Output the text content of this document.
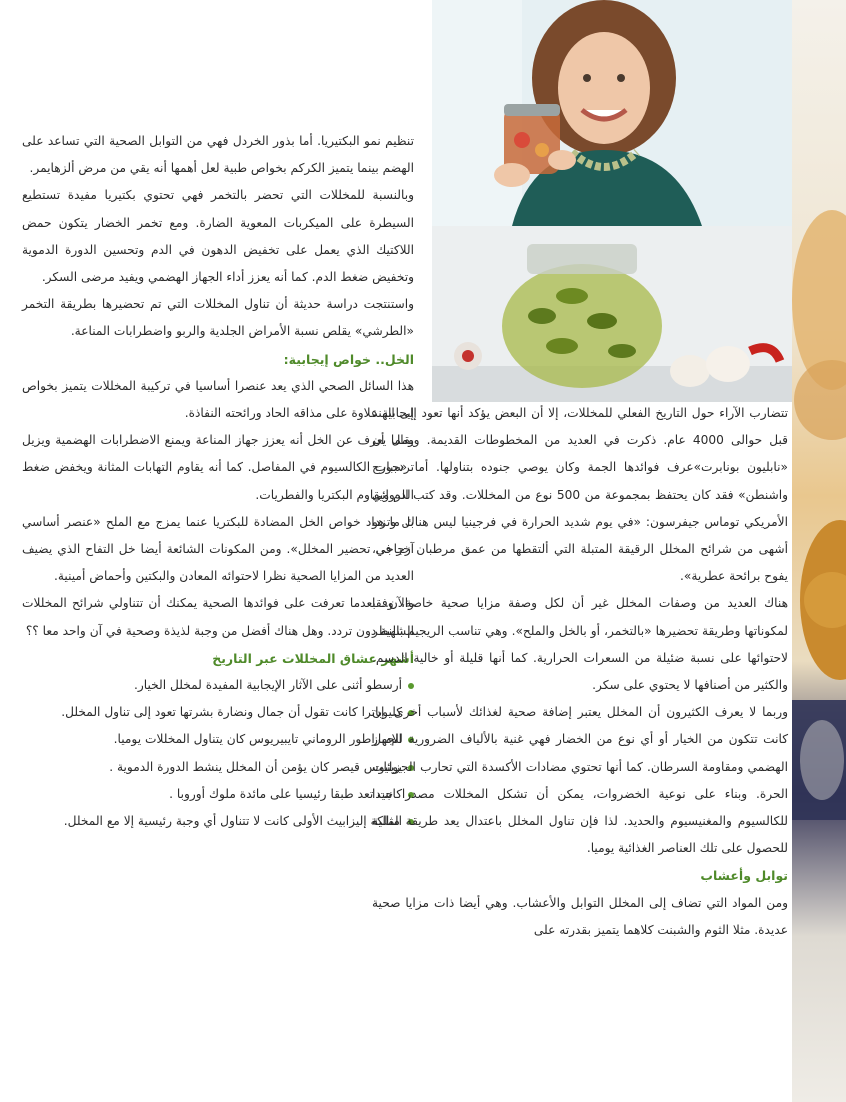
تنظيم نمو البكتيريا. أما بذور الخردل فهي من التوابل الصحية التي تساعد على الهضم بينما يتميز الكركم بخواص طبية لعل أهمها أنه يقي من مرض ألزهايمر.

وبالنسبة للمخللات التي تحضر بالتخمر فهي تحتوي بكتيريا مفيدة تستطيع السيطرة على الميكربات المعوية الضارة. ومع تخمر الخضار يتكون حمض اللاكتيك الذي يعمل على تخفيض الدهون في الدم وتحسين الدورة الدموية وتخفيض ضغط الدم. كما أنه يعزز أداء الجهاز الهضمي ويفيد مرضى السكر.

واستنتجت دراسة حديثة أن تناول المخللات التي تم تحضيرها بطريقة التخمر «الطرشي» يقلص نسبة الأمراض الجلدية والربو واضطرابات المناعة.

الخل.. خواص إيجابية:

هذا السائل الصحي الذي يعد عنصرا أساسيا في تركيبة المخللات يتميز بخواص إيجابية علاوة على مذاقه الحاد ورائحته النفاذة.

ومما يعرف عن الخل أنه يعزز جهاز المناعة ويمنع الاضطرابات الهضمية ويزيل ترسبات الكالسيوم في المفاصل. كما أنه يقاوم التهابات المثانة ويخفض ضغط الدم ويقاوم البكتريا والفطريات.

بل وتزداد خواص الخل المضادة للبكتريا عنما يمزج مع الملح «عنصر أساسي آخر في تحضير المخلل». ومن المكونات الشائعة أيضا خل التفاح الذي يضيف العديد من المزايا الصحية نظرا لاحتوائه المعادن والبكتين وأحماض أمينية.

والآن.. بعدما تعرفت على فوائدها الصحية يمكنك أن تتناولي شرائح المخللات الشهية دون تردد. وهل هناك أفضل من وجبة لذيذة وصحية في آن واحد معا ؟؟

أشهر عشاق المخللات عبر التاريخ

أرسطو أثنى على الآثار الإيجابية المفيدة لمخلل الخيار.
كليوباترا كانت تقول أن جمال ونضارة بشرتها تعود إلى تناول المخلل.
الإمبراطور الروماني تايبيريوس كان يتناول المخللات يوميا.
يوليوس قيصر كان يؤمن أن المخلل ينشط الدورة الدموية .
كانت تعد طبقا رئيسيا على مائدة ملوك أوروبا .
الملكة إليزابيث الأولى كانت لا تتناول أي وجبة رئيسية إلا مع المخلل.

تتضارب الآراء حول التاريخ الفعلي للمخللات، إلا أن البعض يؤكد أنها تعود إلى الهند قبل حوالى 4000 عام. ذكرت في العديد من المخطوطات القديمة. ويقال أن «نابليون بونابرت»عرف فوائدها الجمة وكان يوصي جنوده بتناولها. أما «جورج واشنطن» فقد كان يحتفظ بمجموعة من 500 نوع من المخللات. وقد كتب الروائي الأمريكي توماس جيفرسون: «في يوم شديد الحرارة في فرجينيا ليس هناك ما هو أشهى من شرائح المخلل الرقيقة المتبلة التي ألتقطها من عمق مرطبان زجاجي، يفوح برائحة عطرية».

هناك العديد من وصفات المخلل غير أن لكل وصفة مزايا صحية خاصة، وفقا لمكوناتها وطريقة تحضيرها «بالتخمر، أو بالخل والملح». وهي تناسب الريجيم بالنظر لاحتوائها على نسبة ضئيلة من السعرات الحرارية. كما أنها قليلة أو خالية الدسم. والكثير من أصنافها لا يحتوي على سكر.

وربما لا يعرف الكثيرون أن المخلل يعتبر إضافة صحية لغذائك لأسباب أخرى. إن كانت تتكون من الخيار أو أي نوع من الخضار فهي غنية بالألياف الضرورية للجهاز الهضمي ومقاومة السرطان. كما أنها تحتوي مضادات الأكسدة التي تحارب الجزيئات الحرة. وبناء على نوعية الخضروات، يمكن أن تشكل المخللات مصدرا جيدا للكالسيوم والمغنيسيوم والحديد. لذا فإن تناول المخلل باعتدال يعد طريقة مثالية للحصول على تلك العناصر الغذائية يوميا.

توابل وأعشاب

ومن المواد التي تضاف إلى المخلل التوابل والأعشاب. وهي أيضا ذات مزايا صحية عديدة. مثلا الثوم والشبنت كلاهما يتميز بقدرته على
